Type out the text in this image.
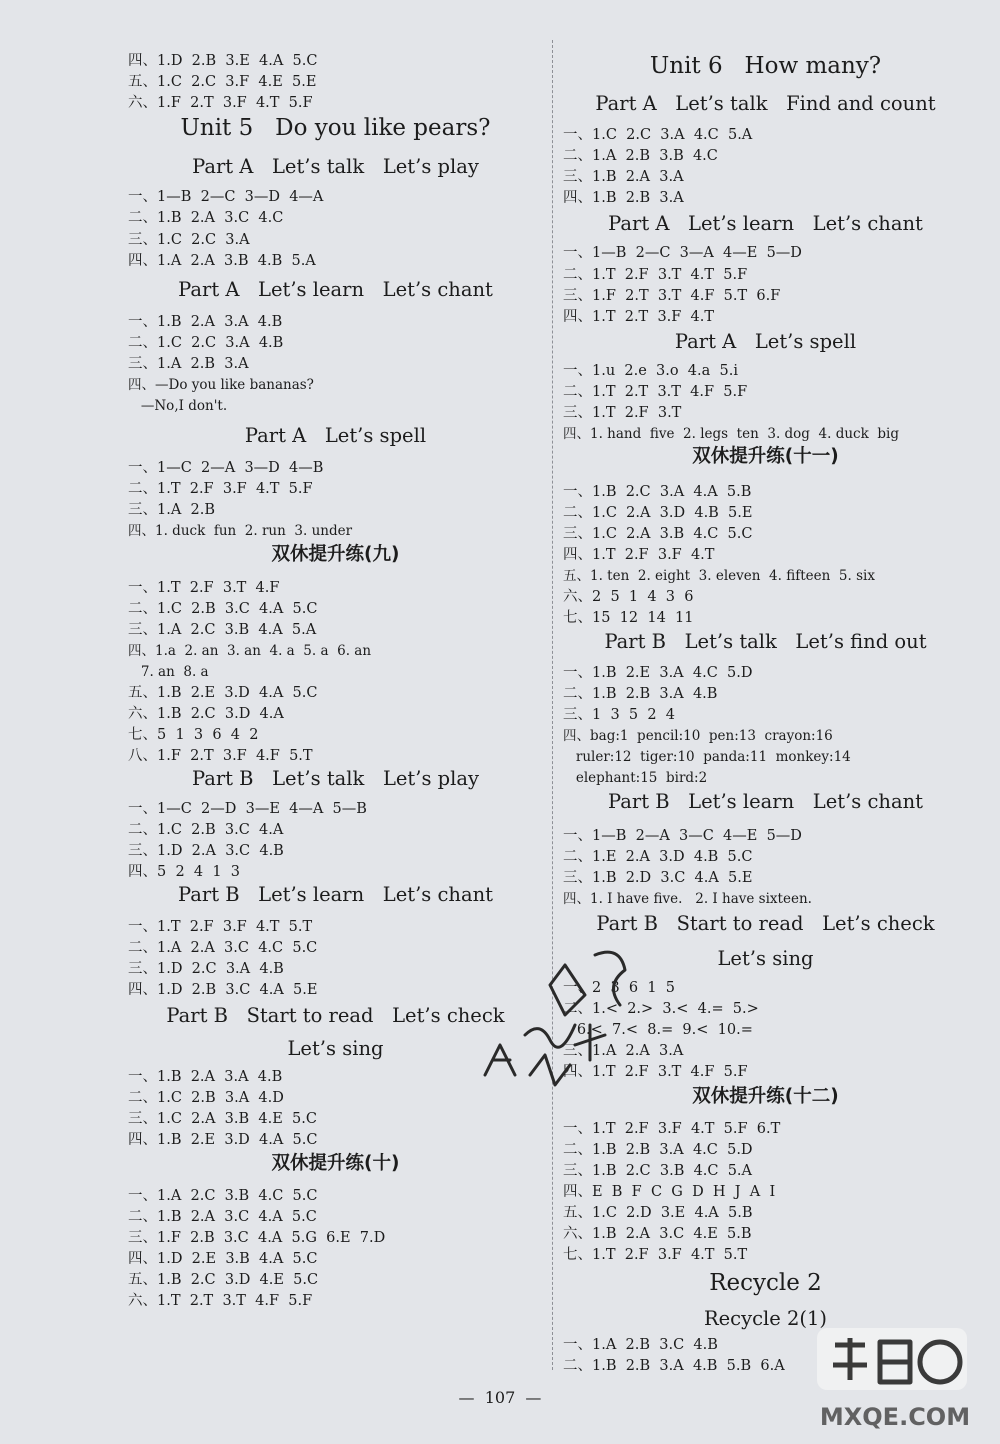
四、1.D  2.B  3.E  4.A  5.C
五、1.C  2.C  3.F  4.E  5.E
六、1.F  2.T  3.F  4.T  5.F
Unit 5   Do you like pears?
Part A   Let’s talk   Let’s play
一、1—B  2—C  3—D  4—A
二、1.B  2.A  3.C  4.C
三、1.C  2.C  3.A
四、1.A  2.A  3.B  4.B  5.A
Part A   Let’s learn   Let’s chant
一、1.B  2.A  3.A  4.B
二、1.C  2.C  3.A  4.B
三、1.A  2.B  3.A
四、—Do you like bananas?
—No,I don't.
Part A   Let’s spell
一、1—C  2—A  3—D  4—B
二、1.T  2.F  3.F  4.T  5.F
三、1.A  2.B
四、1. duck  fun  2. run  3. under
双休提升练(九)
一、1.T  2.F  3.T  4.F
二、1.C  2.B  3.C  4.A  5.C
三、1.A  2.C  3.B  4.A  5.A
四、1.a  2. an  3. an  4. a  5. a  6. an
7. an  8. a
五、1.B  2.E  3.D  4.A  5.C
六、1.B  2.C  3.D  4.A
七、5  1  3  6  4  2
八、1.F  2.T  3.F  4.F  5.T
Part B   Let’s talk   Let’s play
一、1—C  2—D  3—E  4—A  5—B
二、1.C  2.B  3.C  4.A
三、1.D  2.A  3.C  4.B
四、5  2  4  1  3
Part B   Let’s learn   Let’s chant
一、1.T  2.F  3.F  4.T  5.T
二、1.A  2.A  3.C  4.C  5.C
三、1.D  2.C  3.A  4.B
四、1.D  2.B  3.C  4.A  5.E
Part B   Start to read   Let’s check
Let’s sing
一、1.B  2.A  3.A  4.B
二、1.C  2.B  3.A  4.D
三、1.C  2.A  3.B  4.E  5.C
四、1.B  2.E  3.D  4.A  5.C
双休提升练(十)
一、1.A  2.C  3.B  4.C  5.C
二、1.B  2.A  3.C  4.A  5.C
三、1.F  2.B  3.C  4.A  5.G  6.E  7.D
四、1.D  2.E  3.B  4.A  5.C
五、1.B  2.C  3.D  4.E  5.C
六、1.T  2.T  3.T  4.F  5.F
Unit 6   How many?
Part A   Let’s talk   Find and count
一、1.C  2.C  3.A  4.C  5.A
二、1.A  2.B  3.B  4.C
三、1.B  2.A  3.A
四、1.B  2.B  3.A
Part A   Let’s learn   Let’s chant
一、1—B  2—C  3—A  4—E  5—D
二、1.T  2.F  3.T  4.T  5.F
三、1.F  2.T  3.T  4.F  5.T  6.F
四、1.T  2.T  3.F  4.T
Part A   Let’s spell
一、1.u  2.e  3.o  4.a  5.i
二、1.T  2.T  3.T  4.F  5.F
三、1.T  2.F  3.T
四、1. hand  five  2. legs  ten  3. dog  4. duck  big
双休提升练(十一)
一、1.B  2.C  3.A  4.A  5.B
二、1.C  2.A  3.D  4.B  5.E
三、1.C  2.A  3.B  4.C  5.C
四、1.T  2.F  3.F  4.T
五、1. ten  2. eight  3. eleven  4. fifteen  5. six
六、2  5  1  4  3  6
七、15  12  14  11
Part B   Let’s talk   Let’s find out
一、1.B  2.E  3.A  4.C  5.D
二、1.B  2.B  3.A  4.B
三、1  3  5  2  4
四、bag:1  pencil:10  pen:13  crayon:16
ruler:12  tiger:10  panda:11  monkey:14
elephant:15  bird:2
Part B   Let’s learn   Let’s chant
一、1—B  2—A  3—C  4—E  5—D
二、1.E  2.A  3.D  4.B  5.C
三、1.B  2.D  3.C  4.A  5.E
四、1. I have five.   2. I have sixteen.
Part B   Start to read   Let’s check
Let’s sing
一、2  3  6  1  5
二、1.<  2.>  3.<  4.=  5.>
6.<  7.<  8.=  9.<  10.=
三、1.A  2.A  3.A
四、1.T  2.F  3.T  4.F  5.F
双休提升练(十二)
一、1.T  2.F  3.F  4.T  5.F  6.T
二、1.B  2.B  3.A  4.C  5.D
三、1.B  2.C  3.B  4.C  5.A
四、E  B  F  C  G  D  H  J  A  I
五、1.C  2.D  3.E  4.A  5.B
六、1.B  2.A  3.C  4.E  5.B
七、1.T  2.F  3.F  4.T  5.T
Recycle 2
Recycle 2(1)
一、1.A  2.B  3.C  4.B
二、1.B  2.B  3.A  4.B  5.B  6.A
MXQE.COM
—  107  —
